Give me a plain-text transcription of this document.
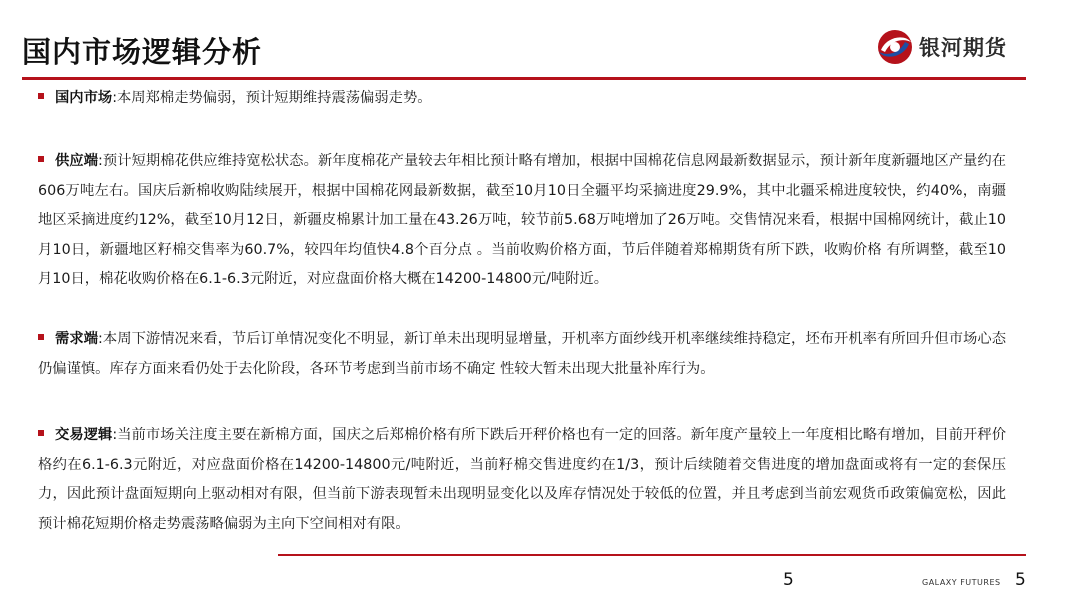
国内市场逻辑分析	银河期货
国内市场:本周郑棉走势偏弱，预计短期维持震荡偏弱走势。
供应端:预计短期棉花供应维持宽松状态。新年度棉花产量较去年相比预计略有增加，根据中国棉花信息网最新数据显示，预计新年度新疆地区产量约在606万吨左右。国庆后新棉收购陆续展开，根据中国棉花网最新数据，截至10月10日全疆平均采摘进度29.9%，其中北疆采棉进度较快，约40%，南疆地区采摘进度约12%，截至10月12日，新疆皮棉累计加工量在43.26万吨，较节前5.68万吨增加了26万吨。交售情况来看，根据中国棉网统计，截止10月10日，新疆地区籽棉交售率为60.7%，较四年均值快4.8个百分点 。当前收购价格方面，节后伴随着郑棉期货有所下跌，收购价格 有所调整，截至10月10日，棉花收购价格在6.1-6.3元附近，对应盘面价格大概在14200-14800元/吨附近。
需求端:本周下游情况来看，节后订单情况变化不明显，新订单未出现明显增量，开机率方面纱线开机率继续维持稳定，坯布开机率有所回升但市场心态仍偏谨慎。库存方面来看仍处于去化阶段，各环节考虑到当前市场不确定 性较大暂未出现大批量补库行为。
交易逻辑:当前市场关注度主要在新棉方面，国庆之后郑棉价格有所下跌后开秤价格也有一定的回落。新年度产量较上一年度相比略有增加，目前开秤价格约在6.1-6.3元附近，对应盘面价格在14200-14800元/吨附近，当前籽棉交售进度约在1/3，预计后续随着交售进度的增加盘面或将有一定的套保压力，因此预计盘面短期向上驱动相对有限，但当前下游表现暂未出现明显变化以及库存情况处于较低的位置，并且考虑到当前宏观货币政策偏宽松，因此预计棉花短期价格走势震荡略偏弱为主向下空间相对有限。
5	GALAXY FUTURES 5
